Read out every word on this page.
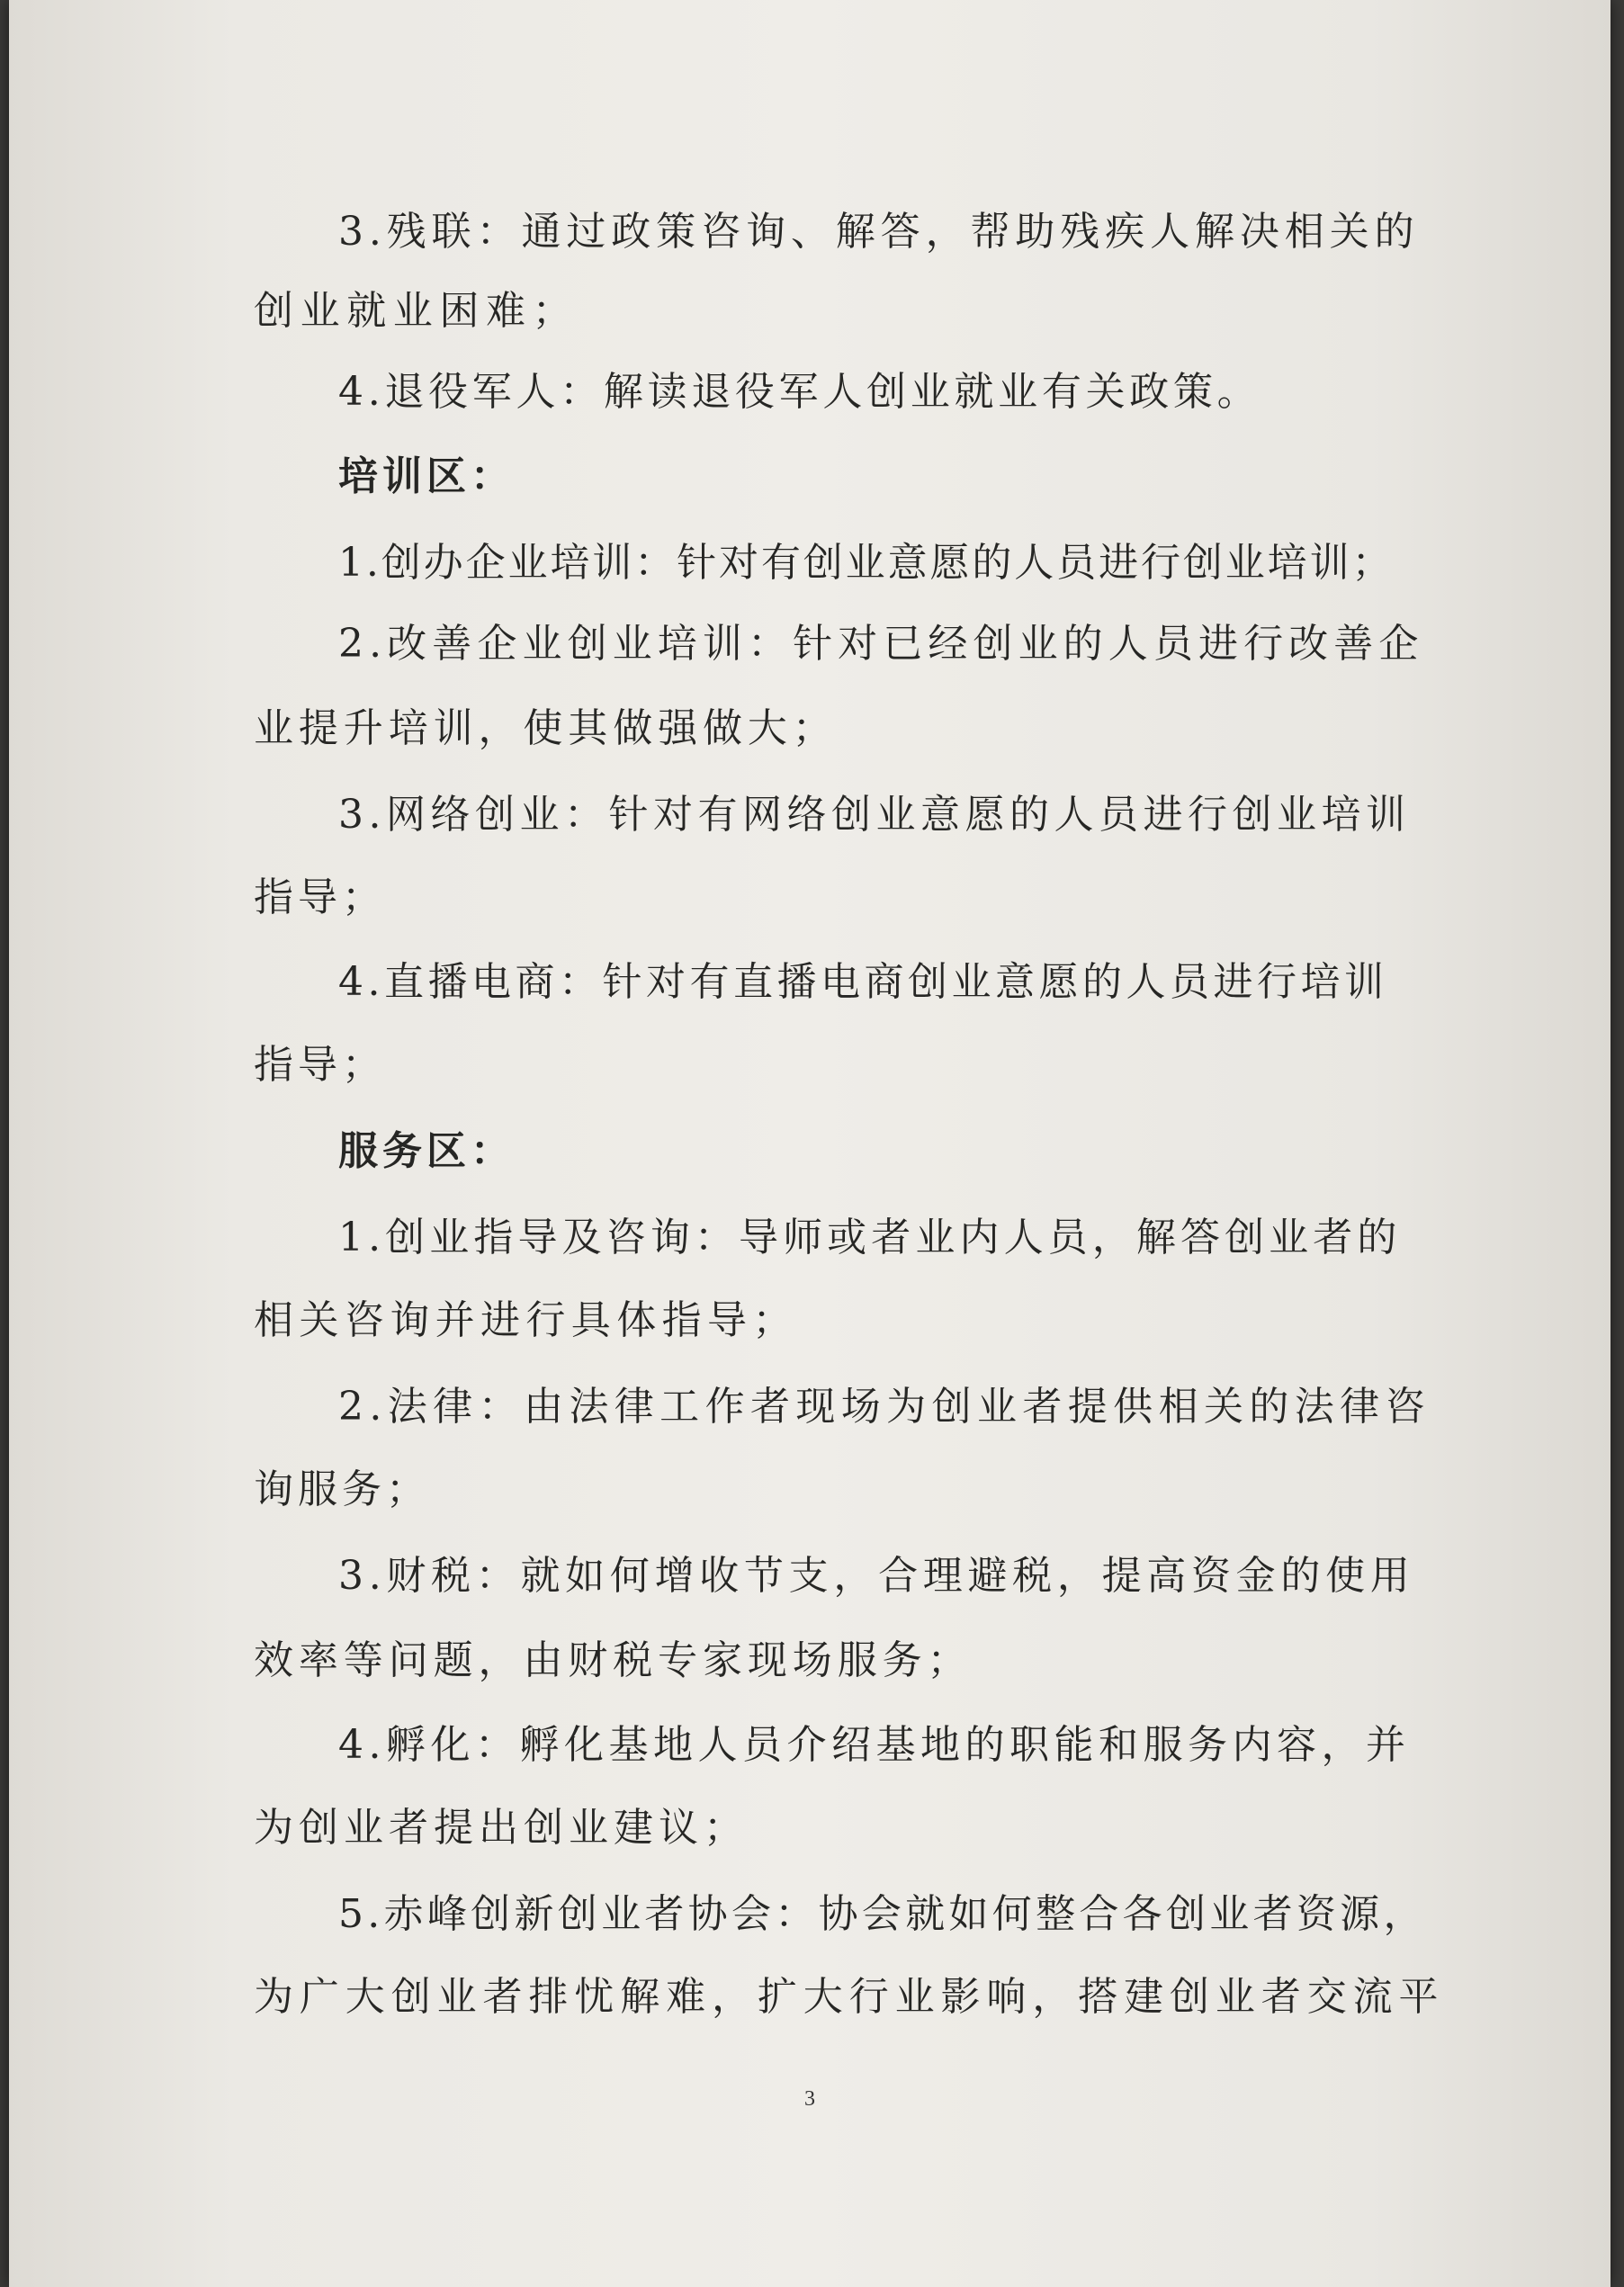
3.残联：通过政策咨询、解答，帮助残疾人解决相关的

创业就业困难；

4.退役军人：解读退役军人创业就业有关政策。

培训区：

1.创办企业培训：针对有创业意愿的人员进行创业培训；

2.改善企业创业培训：针对已经创业的人员进行改善企

业提升培训，使其做强做大；

3.网络创业：针对有网络创业意愿的人员进行创业培训

指导；

4.直播电商：针对有直播电商创业意愿的人员进行培训

指导；

服务区：

1.创业指导及咨询：导师或者业内人员，解答创业者的

相关咨询并进行具体指导；

2.法律：由法律工作者现场为创业者提供相关的法律咨

询服务；

3.财税：就如何增收节支，合理避税，提高资金的使用

效率等问题，由财税专家现场服务；

4.孵化：孵化基地人员介绍基地的职能和服务内容，并

为创业者提出创业建议；

5.赤峰创新创业者协会：协会就如何整合各创业者资源，

为广大创业者排忧解难，扩大行业影响，搭建创业者交流平

3
